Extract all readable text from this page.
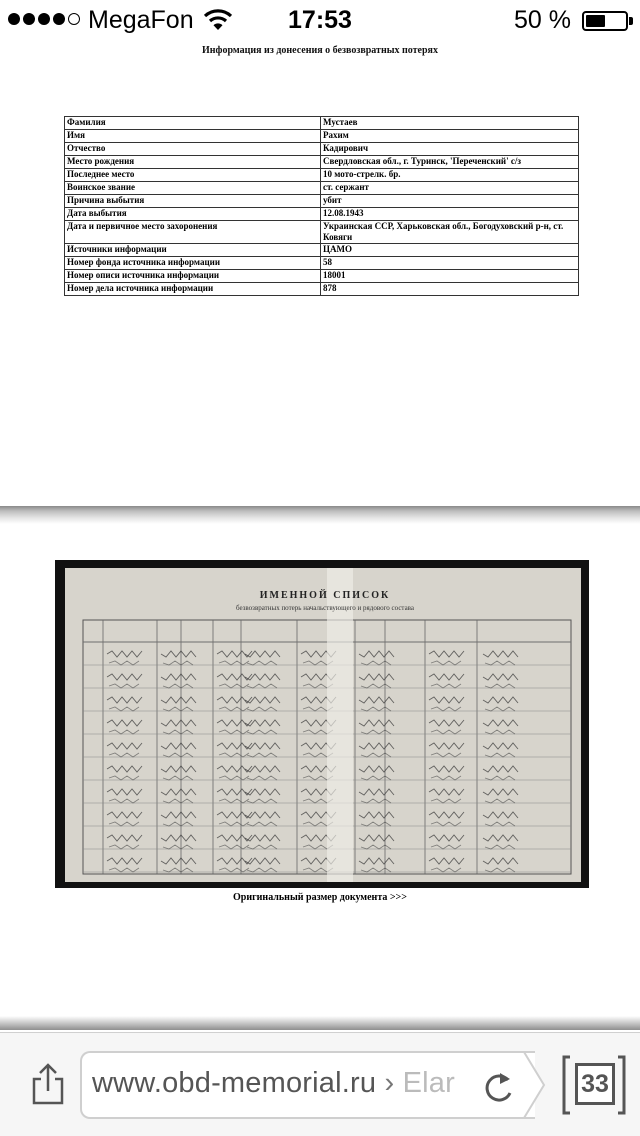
MegaFon	17:53	50 %
Информация из донесения о безвозвратных потерях
Фамилия	Мустаев
Имя	Рахим
Отчество	Кадирович
Место рождения	Свердловская обл., г. Туринск, 'Переченский' с/з
Последнее место	10 мото-стрелк. бр.
Воинское звание	ст. сержант
Причина выбытия	убит
Дата выбытия	12.08.1943
Дата и первичное место захоронения	Украинская ССР, Харьковская обл., Богодуховский р-н, ст. Ковяги
Источники информации	ЦАМО
Номер фонда источника информации	58
Номер описи источника информации	18001
Номер дела источника информации	878
ИМЕННОЙ СПИСОК
безвозвратных потерь начальствующего и рядового состава
Оригинальный размер документа >>>
www.obd-memorial.ru › Elar	33
